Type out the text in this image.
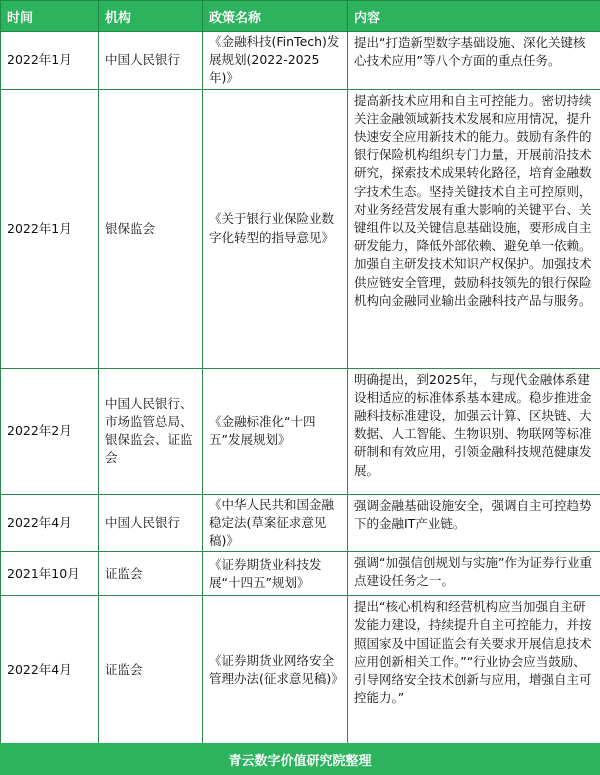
时间	机构	政策名称	内容
2022年1月	中国人民银行	《金融科技(FinTech)发展规划(2022-2025年)》	提出“打造新型数字基础设施、深化关键核心技术应用”等八个方面的重点任务。
2022年1月	银保监会	《关于银行业保险业数字化转型的指导意见》	提高新技术应用和自主可控能力。密切持续关注金融领域新技术发展和应用情况，提升快速安全应用新技术的能力。鼓励有条件的银行保险机构组织专门力量，开展前沿技术研究，探索技术成果转化路径，培育金融数字技术生态。坚持关键技术自主可控原则，对业务经营发展有重大影响的关键平台、关键组件以及关键信息基础设施，要形成自主研发能力，降低外部依赖、避免单一依赖。加强自主研发技术知识产权保护。加强技术供应链安全管理，鼓励科技领先的银行保险机构向金融同业输出金融科技产品与服务。
2022年2月	中国人民银行、市场监管总局、银保监会、证监会	《金融标准化“十四五”发展规划》	明确提出，到2025年， 与现代金融体系建设相适应的标准体系基本建成。稳步推进金融科技标准建设，加强云计算、区块链、大数据、人工智能、生物识别、物联网等标准研制和有效应用，引领金融科技规范健康发展。
2022年4月	中国人民银行	《中华人民共和国金融稳定法(草案征求意见稿)》	强调金融基础设施安全，强调自主可控趋势下的金融IT产业链。
2021年10月	证监会	《证券期货业科技发展“十四五”规划》	强调“加强信创规划与实施”作为证券行业重点建设任务之一。
2022年4月	证监会	《证券期货业网络安全管理办法(征求意见稿)》	提出“核心机构和经营机构应当加强自主研发能力建设，持续提升自主可控能力，并按照国家及中国证监会有关要求开展信息技术应用创新相关工作。”“行业协会应当鼓励、引导网络安全技术创新与应用，增强自主可控能力。”
青云数字价值研究院整理
